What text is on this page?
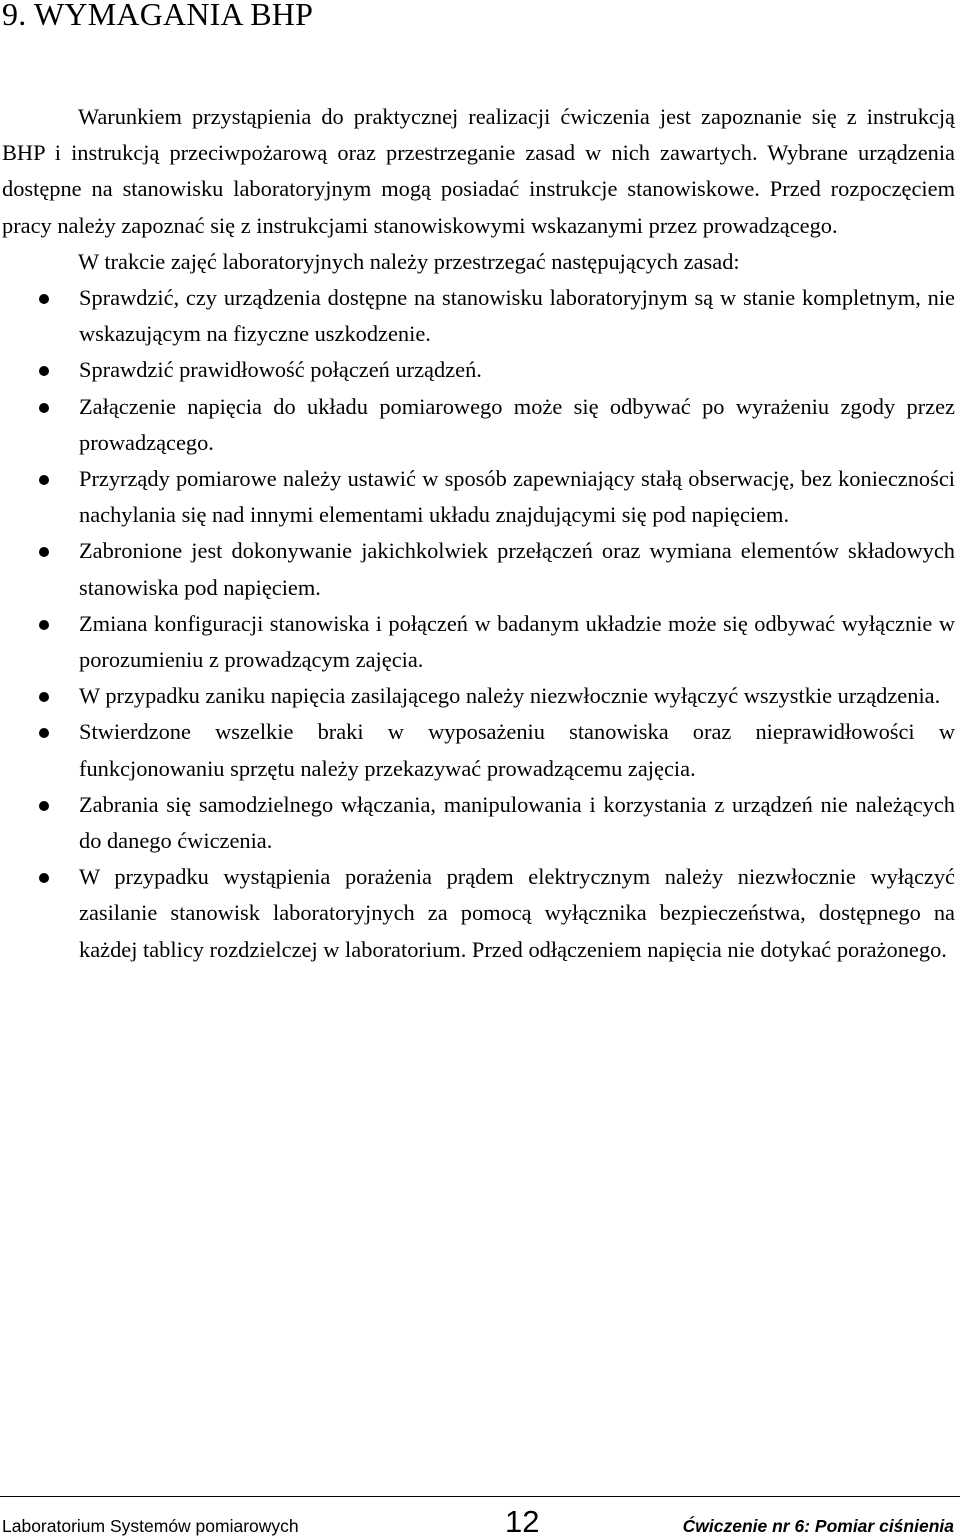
9. WYMAGANIA BHP

Warunkiem przystąpienia do praktycznej realizacji ćwiczenia jest zapoznanie się z instrukcją BHP i instrukcją przeciwpożarową oraz przestrzeganie zasad w nich zawartych. Wybrane urządzenia dostępne na stanowisku laboratoryjnym mogą posiadać instrukcje stanowiskowe. Przed rozpoczęciem pracy należy zapoznać się z instrukcjami stanowiskowymi wskazanymi przez prowadzącego.

W trakcie zajęć laboratoryjnych należy przestrzegać następujących zasad:

Sprawdzić, czy urządzenia dostępne na stanowisku laboratoryjnym są w stanie kompletnym, nie wskazującym na fizyczne uszkodzenie.
Sprawdzić prawidłowość połączeń urządzeń.
Załączenie napięcia do układu pomiarowego może się odbywać po wyrażeniu zgody przez prowadzącego.
Przyrządy pomiarowe należy ustawić w sposób zapewniający stałą obserwację, bez konieczności nachylania się nad innymi elementami układu znajdującymi się pod napięciem.
Zabronione jest dokonywanie jakichkolwiek przełączeń oraz wymiana elementów składowych stanowiska pod napięciem.
Zmiana konfiguracji stanowiska i połączeń w badanym układzie może się odbywać wyłącznie w porozumieniu z prowadzącym zajęcia.
W przypadku zaniku napięcia zasilającego należy niezwłocznie wyłączyć wszystkie urządzenia.
Stwierdzone wszelkie braki w wyposażeniu stanowiska oraz nieprawidłowości w funkcjonowaniu sprzętu należy przekazywać prowadzącemu zajęcia.
Zabrania się samodzielnego włączania, manipulowania i korzystania z urządzeń nie należących do danego ćwiczenia.
W przypadku wystąpienia porażenia prądem elektrycznym należy niezwłocznie wyłączyć zasilanie stanowisk laboratoryjnych za pomocą wyłącznika bezpieczeństwa, dostępnego na każdej tablicy rozdzielczej w laboratorium. Przed odłączeniem napięcia nie dotykać porażonego.
Laboratorium Systemów pomiarowych	12	Ćwiczenie nr 6: Pomiar ciśnienia
